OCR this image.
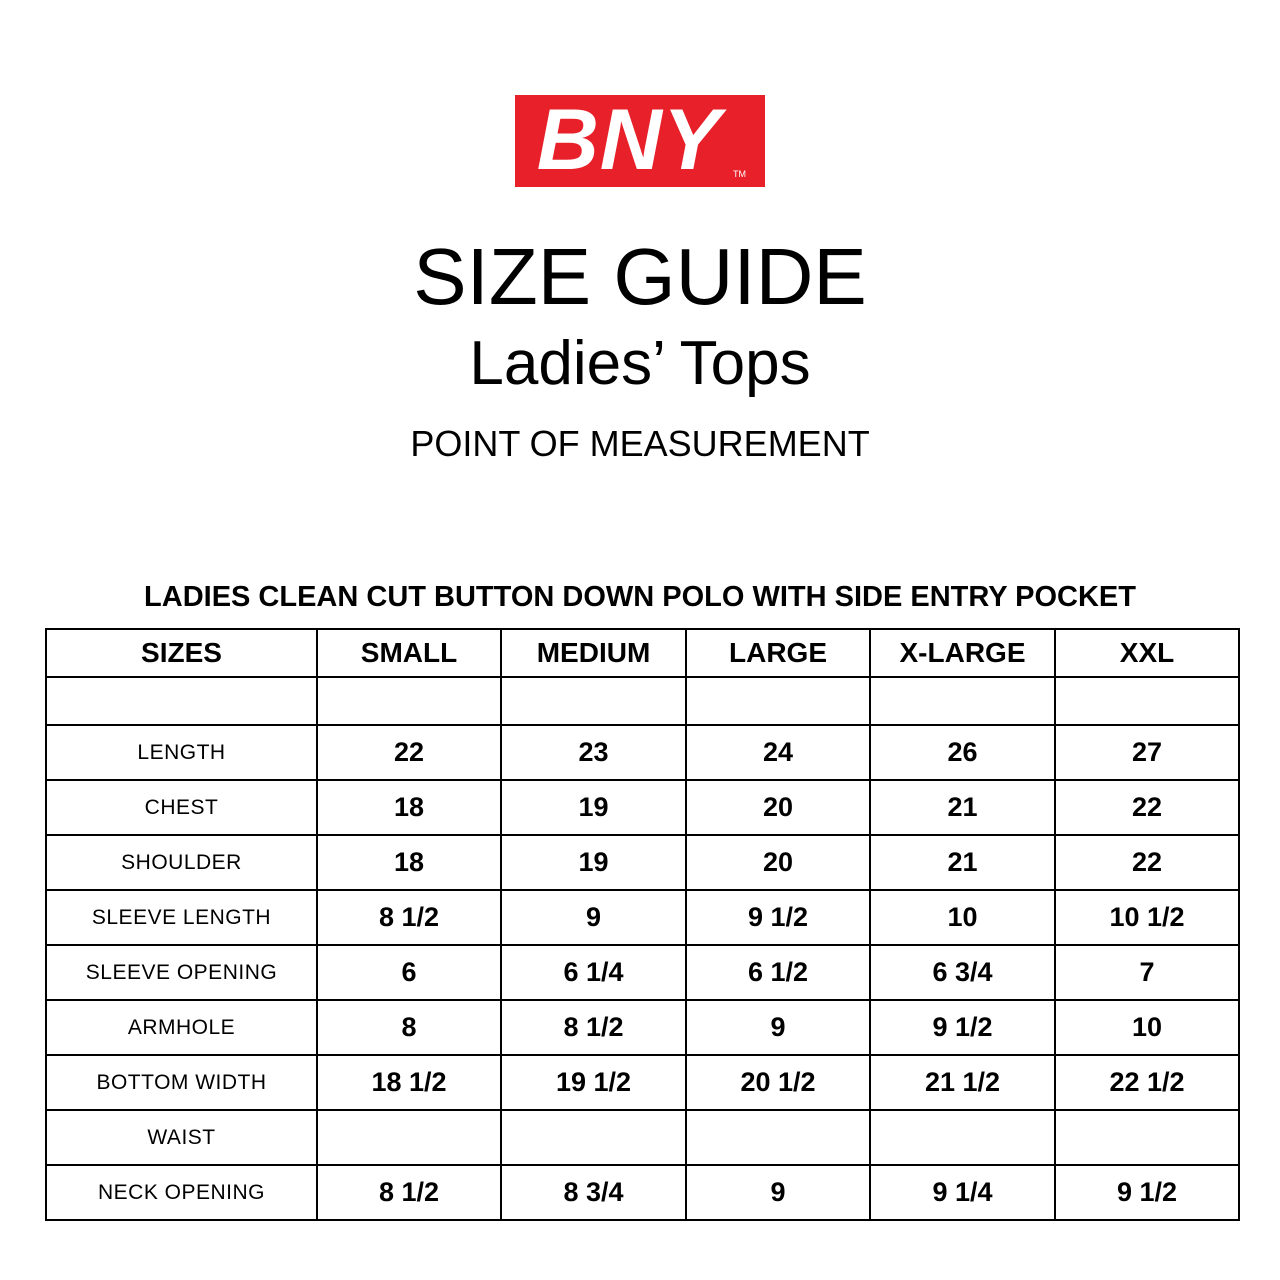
BNY	TM
SIZE GUIDE
Ladies’ Tops
POINT OF MEASUREMENT
LADIES CLEAN CUT BUTTON DOWN POLO WITH SIDE ENTRY POCKET
SIZES	SMALL	MEDIUM	LARGE	X-LARGE	XXL

LENGTH	22	23	24	26	27
CHEST	18	19	20	21	22
SHOULDER	18	19	20	21	22
SLEEVE LENGTH	8 1/2	9	9 1/2	10	10 1/2
SLEEVE OPENING	6	6 1/4	6 1/2	6 3/4	7
ARMHOLE	8	8 1/2	9	9 1/2	10
BOTTOM WIDTH	18 1/2	19 1/2	20 1/2	21 1/2	22 1/2
WAIST					
NECK OPENING	8 1/2	8 3/4	9	9 1/4	9 1/2
